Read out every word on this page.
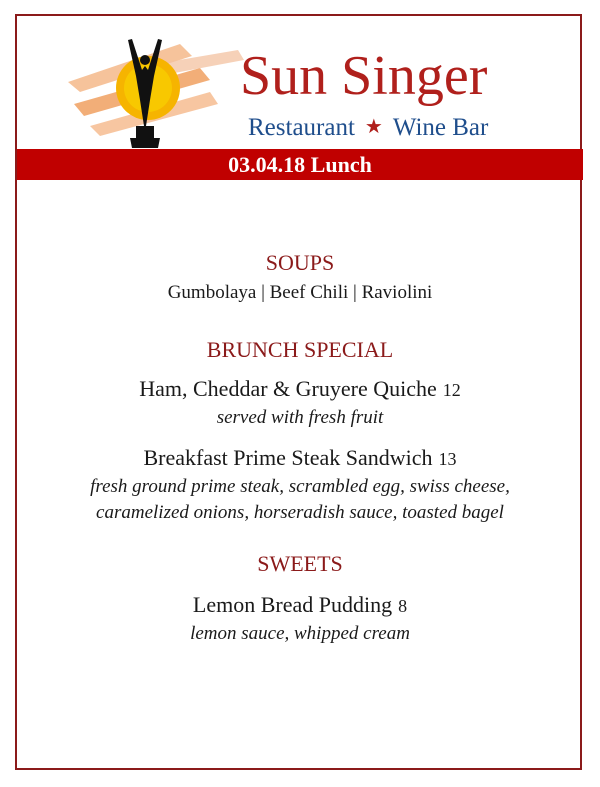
Sun Singer
Restaurant ★ Wine Bar
03.04.18 Lunch
SOUPS
Gumbolaya | Beef Chili | Raviolini
BRUNCH SPECIAL
Ham, Cheddar & Gruyere Quiche 12
served with fresh fruit
Breakfast Prime Steak Sandwich 13
fresh ground prime steak, scrambled egg, swiss cheese,
caramelized onions, horseradish sauce, toasted bagel
SWEETS
Lemon Bread Pudding 8
lemon sauce, whipped cream
